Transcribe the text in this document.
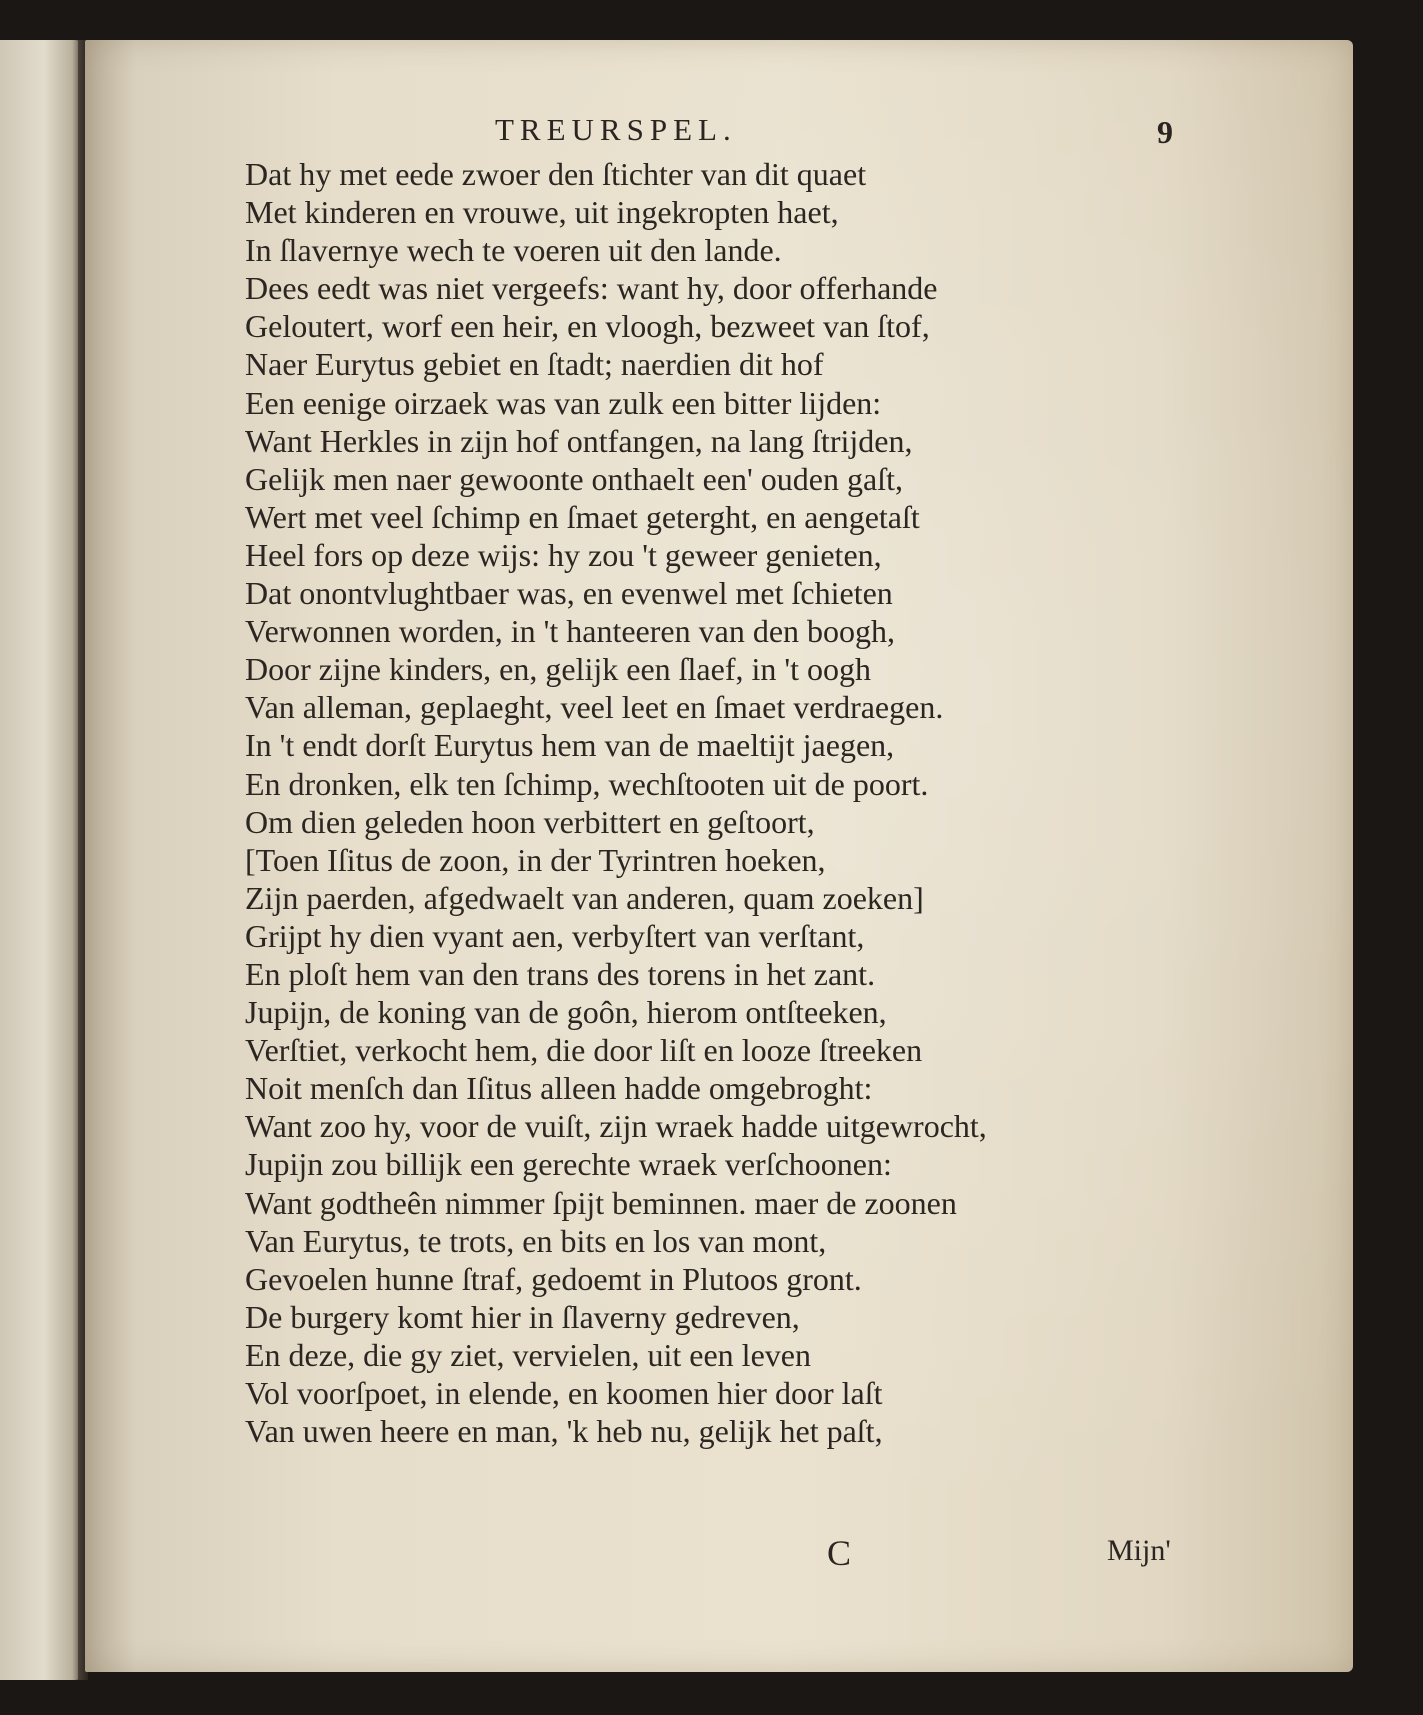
TREURSPEL.	9
Dat hy met eede zwoer den ſtichter van dit quaet
Met kinderen en vrouwe, uit ingekropten haet,
In ſlavernye wech te voeren uit den lande.
Dees eedt was niet vergeefs: want hy, door offerhande
Geloutert, worf een heir, en vloogh, bezweet van ſtof,
Naer Eurytus gebiet en ſtadt; naerdien dit hof
Een eenige oirzaek was van zulk een bitter lijden:
Want Herkles in zijn hof ontfangen, na lang ſtrijden,
Gelijk men naer gewoonte onthaelt een' ouden gaſt,
Wert met veel ſchimp en ſmaet geterght, en aengetaſt
Heel fors op deze wijs: hy zou 't geweer genieten,
Dat onontvlughtbaer was, en evenwel met ſchieten
Verwonnen worden, in 't hanteeren van den boogh,
Door zijne kinders, en, gelijk een ſlaef, in 't oogh
Van alleman, geplaeght, veel leet en ſmaet verdraegen.
In 't endt dorſt Eurytus hem van de maeltijt jaegen,
En dronken, elk ten ſchimp, wechſtooten uit de poort.
Om dien geleden hoon verbittert en geſtoort,
[Toen Iſitus de zoon, in der Tyrintren hoeken,
Zijn paerden, afgedwaelt van anderen, quam zoeken]
Grijpt hy dien vyant aen, verbyſtert van verſtant,
En ploſt hem van den trans des torens in het zant.
Jupijn, de koning van de goôn, hierom ontſteeken,
Verſtiet, verkocht hem, die door liſt en looze ſtreeken
Noit menſch dan Iſitus alleen hadde omgebroght:
Want zoo hy, voor de vuiſt, zijn wraek hadde uitgewrocht,
Jupijn zou billijk een gerechte wraek verſchoonen:
Want godtheên nimmer ſpijt beminnen. maer de zoonen
Van Eurytus, te trots, en bits en los van mont,
Gevoelen hunne ſtraf, gedoemt in Plutoos gront.
De burgery komt hier in ſlaverny gedreven,
En deze, die gy ziet, vervielen, uit een leven
Vol voorſpoet, in elende, en koomen hier door laſt
Van uwen heere en man, 'k heb nu, gelijk het paſt,
C	Mijn'
